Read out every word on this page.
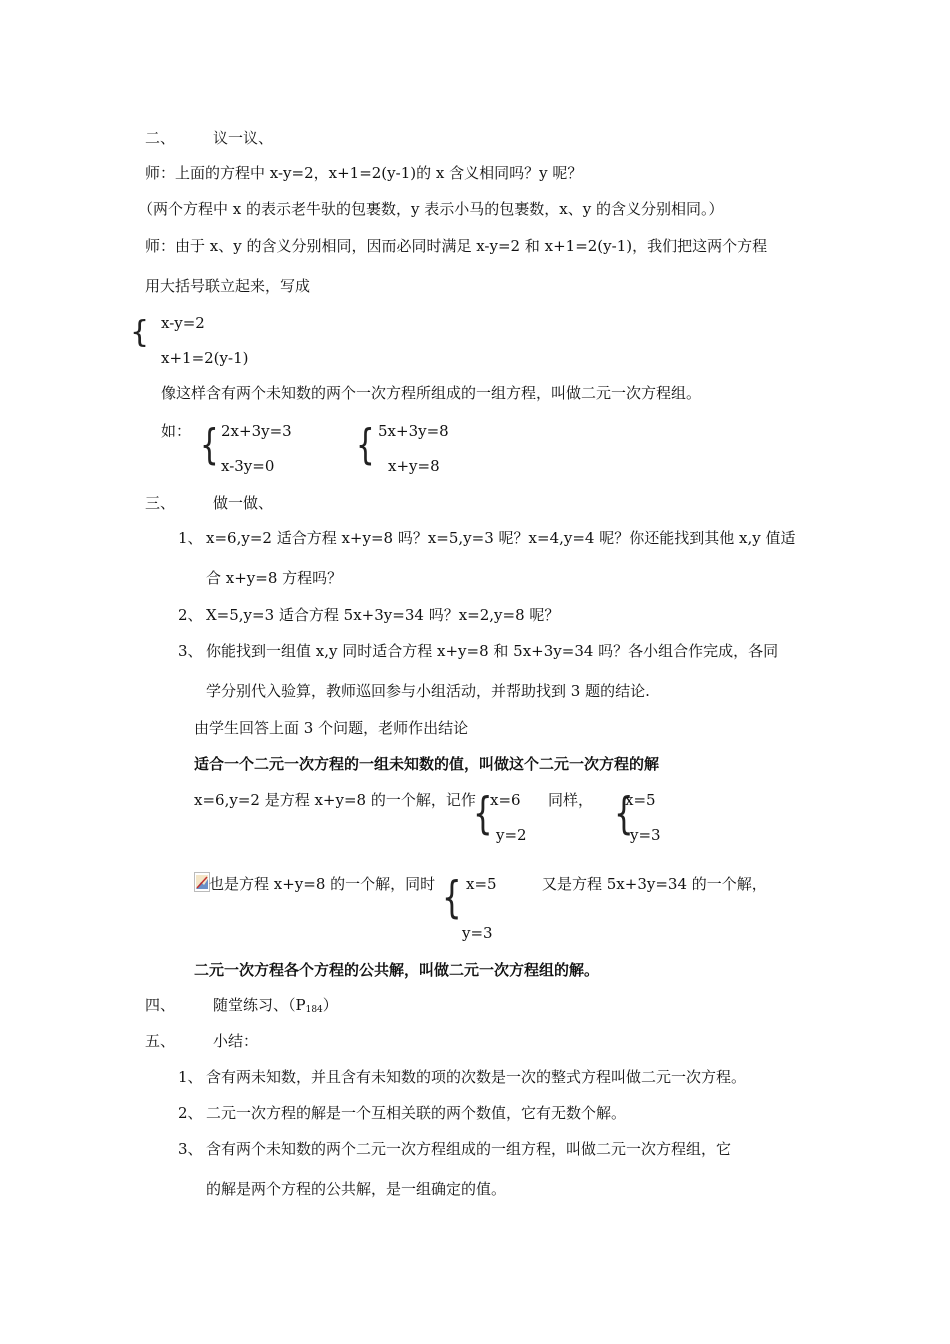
二、	议一议、
师：上面的方程中 x-y=2，x+1=2(y-1)的 x 含义相同吗？y 呢？
（两个方程中 x 的表示老牛驮的包裹数，y 表示小马的包裹数，x、y 的含义分别相同。）
师：由于 x、y 的含义分别相同，因而必同时满足 x-y=2 和 x+1=2(y-1)，我们把这两个方程
用大括号联立起来，写成
{ x-y=2
x+1=2(y-1)
像这样含有两个未知数的两个一次方程所组成的一组方程，叫做二元一次方程组。
如： { 2x+3y=3
x-3y=0 { 5x+3y=8
x+y=8
三、	做一做、
1、 x=6,y=2 适合方程 x+y=8 吗？x=5,y=3 呢？x=4,y=4 呢？你还能找到其他 x,y 值适
合 x+y=8 方程吗？
2、 X=5,y=3 适合方程 5x+3y=34 吗？x=2,y=8 呢？
3、 你能找到一组值 x,y 同时适合方程 x+y=8 和 5x+3y=34 吗？各小组合作完成，各同
学分别代入验算，教师巡回参与小组活动，并帮助找到 3 题的结论.
由学生回答上面 3 个问题，老师作出结论
适合一个二元一次方程的一组未知数的值，叫做这个二元一次方程的解
x=6,y=2 是方程 x+y=8 的一个解，记作
{
x=6
y=2
同样， {
x=5
y=3
也是方程 x+y=8 的一个解，同时 { x=5
y=3
又是方程 5x+3y=34 的一个解，
二元一次方程各个方程的公共解，叫做二元一次方程组的解。
四、	随堂练习、$(P_{184})$
五、	小结：
1、 含有两未知数，并且含有未知数的项的次数是一次的整式方程叫做二元一次方程。
2、 二元一次方程的解是一个互相关联的两个数值，它有无数个解。
3、 含有两个未知数的两个二元一次方程组成的一组方程，叫做二元一次方程组，它
的解是两个方程的公共解，是一组确定的值。
